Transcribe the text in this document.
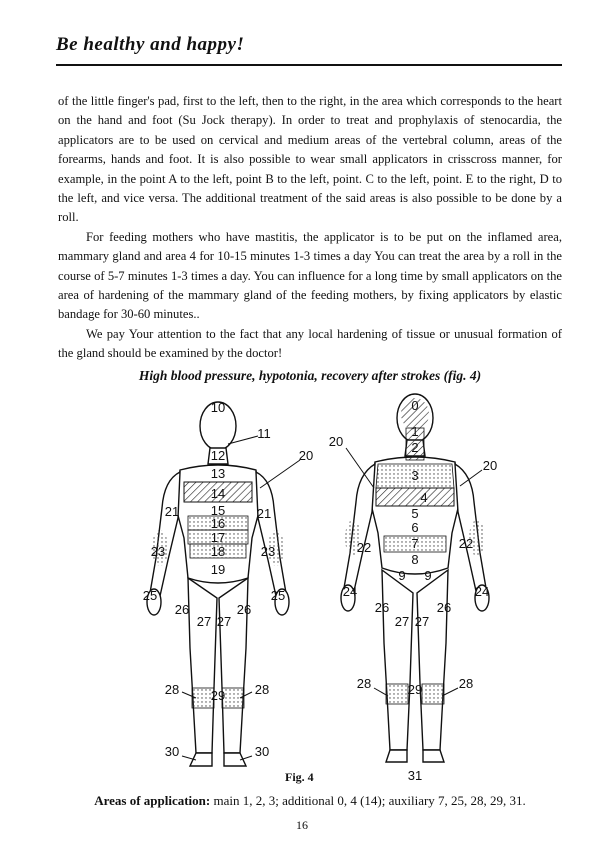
Be healthy and happy!

of the little finger's pad, first to the left, then to the right, in the area which corresponds to the heart on the hand and foot (Su Jock therapy). In order to treat and prophylaxis of stenocardia, the applicators are to be used on cervical and medium areas of the vertebral column, areas of the forearms, hands and foot. It is also possible to wear small applicators in crisscross manner, for example, in the point A to the left, point B to the left, point. C to the left, point. E to the right, D to the left, and vice versa. The additional treatment of the said areas is also possible to be done by a roll.

For feeding mothers who have mastitis, the applicator is to be put on the inflamed area, mammary gland and area 4 for 10-15 minutes 1-3 times a day You can treat the area by a roll in the course of 5-7 minutes 1-3 times a day. You can influence for a long time by small applicators on the area of hardening of the mammary gland of the feeding mothers, by fixing applicators by elastic bandage for 30-60 minutes..

We pay Your attention to the fact that any local hardening of tissue or unusual formation of the gland should be examined by the doctor!

High blood pressure, hypotonia, recovery after strokes (fig. 4)
10
11
12
13
14
15
16
17
18
19
20
21	21
23	23
25	25
26	26
27 27
28	28
29
30	30
0
1
2
3
4
5
6
7
8
9 9
20
20
22	22
24	24
26	26
27 27
28	28
29
31
Fig. 4
Areas of application: main 1, 2, 3; additional 0, 4 (14); auxiliary 7, 25, 28, 29, 31.
16
